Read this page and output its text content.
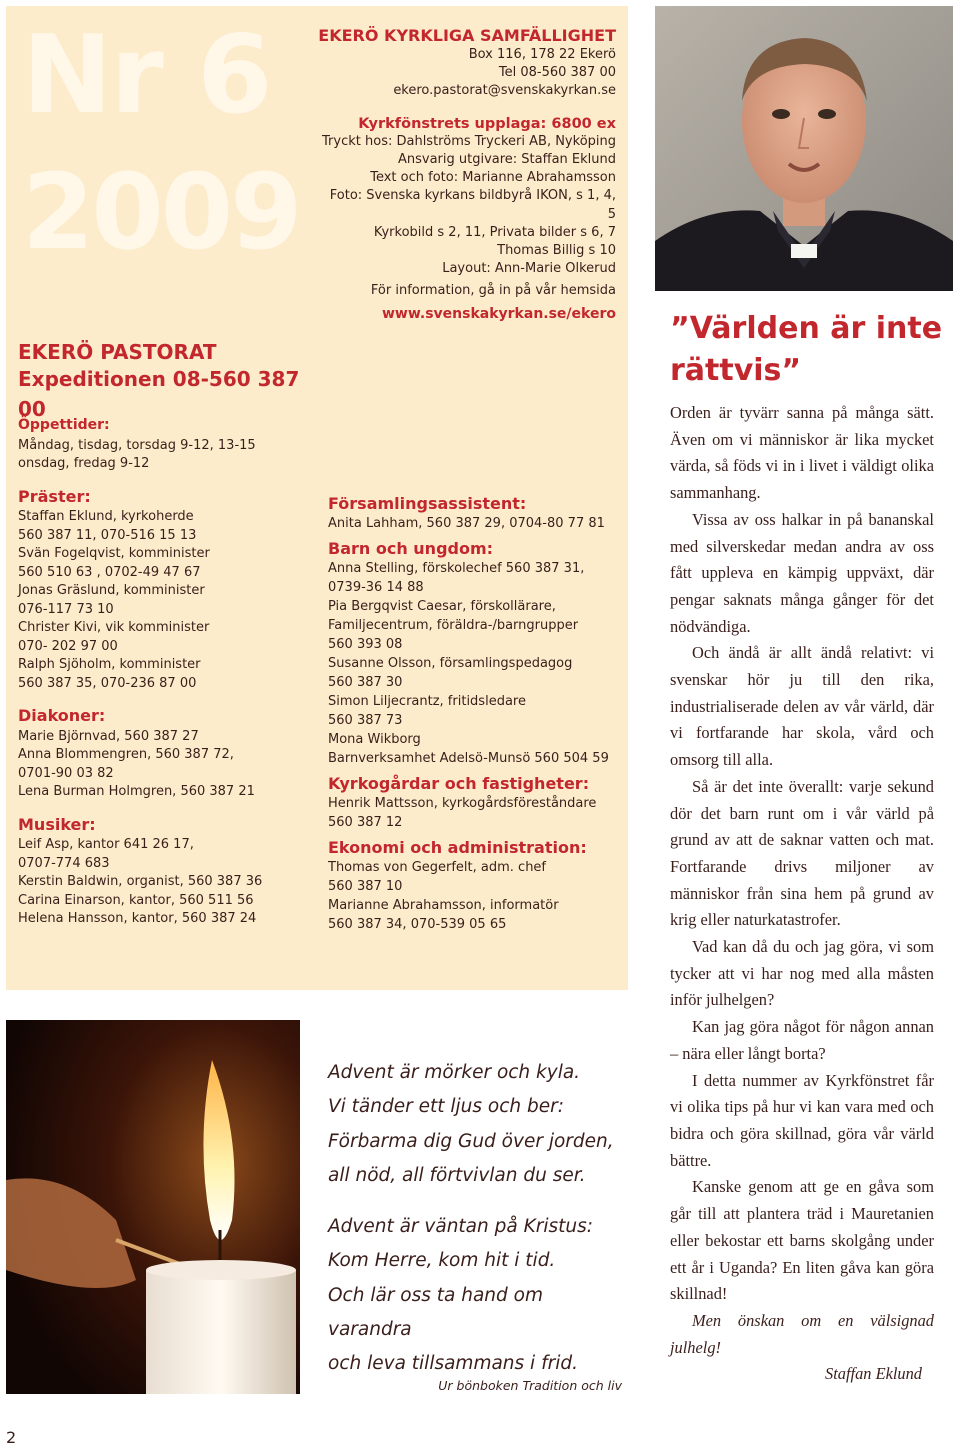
Nr 6
2009
EKERÖ PASTORAT
Expeditionen 08-560 387 00
Öppettider:
Måndag, tisdag, torsdag 9-12, 13-15
onsdag, fredag 9-12
Präster:
Staffan Eklund, kyrkoherde
560 387 11, 070-516 15 13
Svän Fogelqvist, komminister
560 510 63 , 0702-49 47 67
Jonas Gräslund, komminister
076-117 73 10
Christer Kivi, vik komminister
070- 202 97 00
Ralph Sjöholm, komminister
560 387 35, 070-236 87 00
Diakoner:
Marie Björnvad, 560 387 27
Anna Blommengren, 560 387 72,
0701-90 03 82
Lena Burman Holmgren, 560 387 21
Musiker:
Leif Asp, kantor 641 26 17,
0707-774 683
Kerstin Baldwin, organist, 560 387 36
Carina Einarson, kantor, 560 511 56
Helena Hansson, kantor, 560 387 24
EKERÖ KYRKLIGA SAMFÄLLIGHET
Box 116, 178 22 Ekerö
Tel 08-560 387 00
ekero.pastorat@svenskakyrkan.se
Kyrkfönstrets upplaga: 6800 ex
Tryckt hos: Dahlströms Tryckeri AB, Nyköping
Ansvarig utgivare: Staffan Eklund
Text och foto: Marianne Abrahamsson
Foto: Svenska kyrkans bildbyrå IKON, s 1, 4, 5
Kyrkobild s 2, 11, Privata bilder s 6, 7
Thomas Billig s 10
Layout: Ann-Marie Olkerud
För information, gå in på vår hemsida
www.svenskakyrkan.se/ekero
Församlingsassistent:
Anita Lahham, 560 387 29, 0704-80 77 81
Barn och ungdom:
Anna Stelling, förskolechef 560 387 31,
0739-36 14 88
Pia Bergqvist Caesar, förskollärare,
Familjecentrum, föräldra-/barngrupper
560 393 08
Susanne Olsson, församlingspedagog
560 387 30
Simon Liljecrantz, fritidsledare
560 387 73
Mona Wikborg
Barnverksamhet Adelsö-Munsö 560 504 59
Kyrkogårdar och fastigheter:
Henrik Mattsson, kyrkogårdsföreståndare
560 387 12
Ekonomi och administration:
Thomas von Gegerfelt, adm. chef
560 387 10
Marianne Abrahamsson, informatör
560 387 34, 070-539 05 65
Advent är mörker och kyla.
Vi tänder ett ljus och ber:
Förbarma dig Gud över jorden,
all nöd, all förtvivlan du ser.
Advent är väntan på Kristus:
Kom Herre, kom hit i tid.
Och lär oss ta hand om varandra
och leva tillsammans i frid.
Ur bönboken Tradition och liv
”Världen är inte rättvis”

Orden är tyvärr sanna på många sätt. Även om vi människor är lika mycket värda, så föds vi in i livet i väldigt olika sammanhang.

Vissa av oss halkar in på bananskal med silverskedar medan andra av oss fått uppleva en kämpig uppväxt, där pengar saknats många gånger för det nödvändiga.

Och ändå är allt ändå relativt: vi svenskar hör ju till den rika, industrialiserade delen av vår värld, där vi fortfarande har skola, vård och omsorg till alla.

Så är det inte överallt: varje sekund dör det barn runt om i vår värld på grund av att de saknar vatten och mat. Fortfarande drivs miljoner av människor från sina hem på grund av krig eller naturkatastrofer.

Vad kan då du och jag göra, vi som tycker att vi har nog med alla måsten inför julhelgen?

Kan jag göra något för någon annan – nära eller långt borta?

I detta nummer av Kyrkfönstret får vi olika tips på hur vi kan vara med och bidra och göra skillnad, göra vår värld bättre.

Kanske genom att ge en gåva som går till att plantera träd i Mauretanien eller bekostar ett barns skolgång under ett år i Uganda? En liten gåva kan göra skillnad!

Men önskan om en välsignad julhelg!

Staffan Eklund
2
